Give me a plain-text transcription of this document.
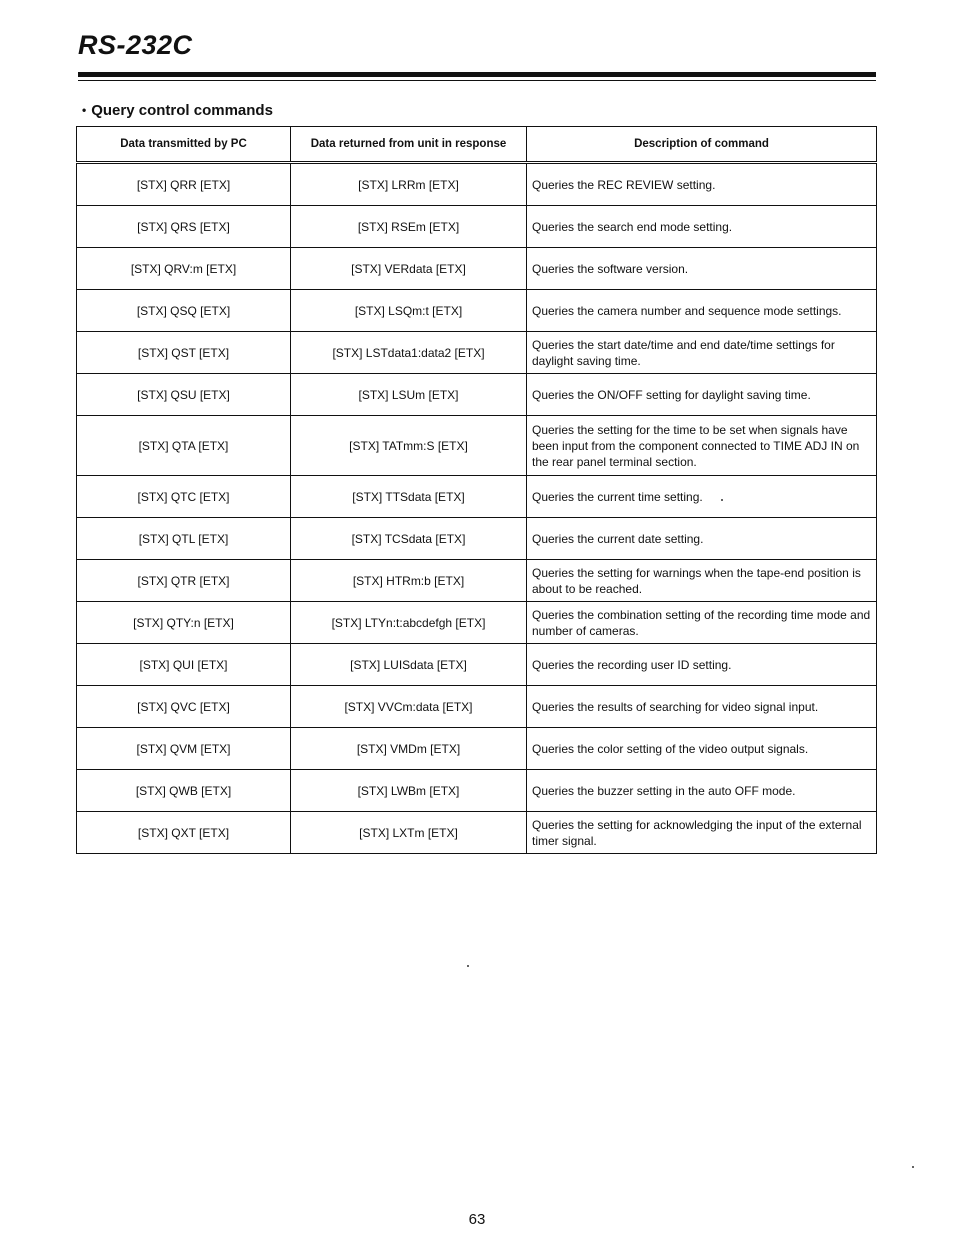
RS-232C
• Query control commands
Data transmitted by PC	Data returned from unit in response	Description of command
[STX] QRR [ETX]	[STX] LRRm [ETX]	Queries the REC REVIEW setting.
[STX] QRS [ETX]	[STX] RSEm [ETX]	Queries the search end mode setting.
[STX] QRV:m [ETX]	[STX] VERdata [ETX]	Queries the software version.
[STX] QSQ [ETX]	[STX] LSQm:t [ETX]	Queries the camera number and sequence mode settings.
[STX] QST [ETX]	[STX] LSTdata1:data2 [ETX]	Queries the start date/time and end date/time settings for daylight saving time.
[STX] QSU [ETX]	[STX] LSUm [ETX]	Queries the ON/OFF setting for daylight saving time.
[STX] QTA [ETX]	[STX] TATmm:S [ETX]	Queries the setting for the time to be set when signals have been input from the component connected to TIME ADJ IN on the rear panel terminal section.
[STX] QTC [ETX]	[STX] TTSdata [ETX]	Queries the current time setting.
[STX] QTL [ETX]	[STX] TCSdata [ETX]	Queries the current date setting.
[STX] QTR [ETX]	[STX] HTRm:b [ETX]	Queries the setting for warnings when the tape-end position is about to be reached.
[STX] QTY:n [ETX]	[STX] LTYn:t:abcdefgh [ETX]	Queries the combination setting of the recording time mode and number of cameras.
[STX] QUI [ETX]	[STX] LUISdata [ETX]	Queries the recording user ID setting.
[STX] QVC [ETX]	[STX] VVCm:data [ETX]	Queries the results of searching for video signal input.
[STX] QVM [ETX]	[STX] VMDm [ETX]	Queries the color setting of the video output signals.
[STX] QWB [ETX]	[STX] LWBm [ETX]	Queries the buzzer setting in the auto OFF mode.
[STX] QXT [ETX]	[STX] LXTm [ETX]	Queries the setting for acknowledging the input of the external timer signal.
63
